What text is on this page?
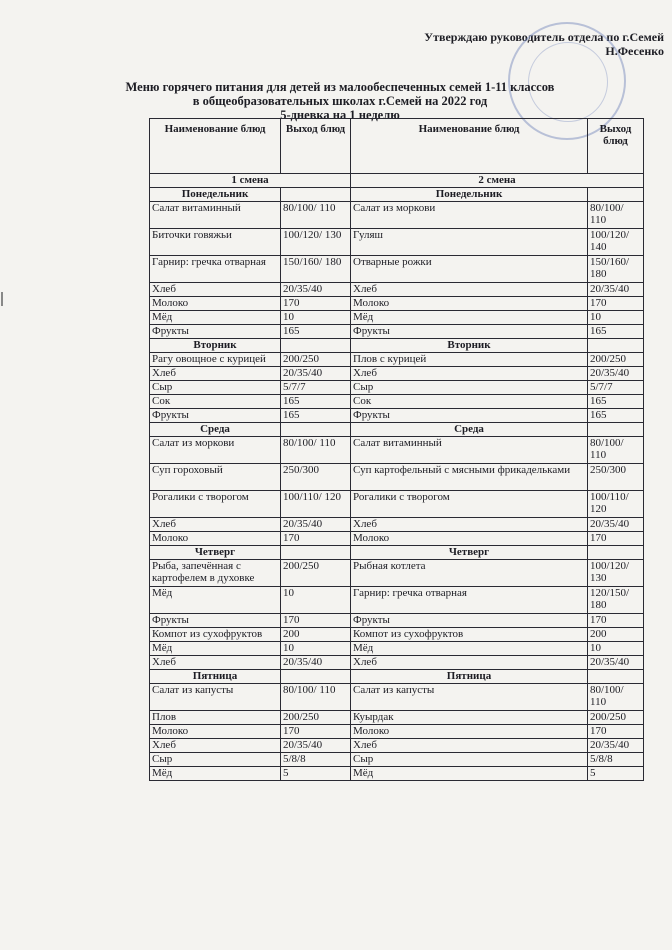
Утверждаю руководитель отдела по г.Семей
Н.Фесенко
Меню горячего питания для детей из малообеспеченных семей 1-11 классов
в общеобразовательных школах г.Семей на 2022 год
5-дневка на 1 неделю
Наименование блюд	Выход блюд	Наименование блюд	Выход блюд
1 смена		2 смена	
Понедельник		Понедельник	
Салат витаминный	80/100/ 110	Салат из моркови	80/100/ 110
Биточки говяжьи	100/120/ 130	Гуляш	100/120/ 140
Гарнир: гречка отварная	150/160/ 180	Отварные рожки	150/160/ 180
Хлеб	20/35/40	Хлеб	20/35/40
Молоко	170	Молоко	170
Мёд	10	Мёд	10
Фрукты	165	Фрукты	165
Вторник		Вторник	
Рагу овощное с курицей	200/250	Плов с курицей	200/250
Хлеб	20/35/40	Хлеб	20/35/40
Сыр	5/7/7	Сыр	5/7/7
Сок	165	Сок	165
Фрукты	165	Фрукты	165
Среда		Среда	
Салат из моркови	80/100/ 110	Салат витаминный	80/100/ 110
Суп гороховый	250/300	Суп картофельный с мясными фрикадельками	250/300
Рогалики с творогом	100/110/ 120	Рогалики с творогом	100/110/ 120
Хлеб	20/35/40	Хлеб	20/35/40
Молоко	170	Молоко	170
Четверг		Четверг	
Рыба, запечённая с картофелем в духовке	200/250	Рыбная котлета	100/120/ 130
Мёд	10	Гарнир: гречка отварная	120/150/ 180
Фрукты	170	Фрукты	170
Компот из сухофруктов	200	Компот из сухофруктов	200
Мёд	10	Мёд	10
Хлеб	20/35/40	Хлеб	20/35/40
Пятница		Пятница	
Салат из капусты	80/100/ 110	Салат из капусты	80/100/ 110
Плов	200/250	Куырдак	200/250
Молоко	170	Молоко	170
Хлеб	20/35/40	Хлеб	20/35/40
Сыр	5/8/8	Сыр	5/8/8
Мёд	5	Мёд	5
